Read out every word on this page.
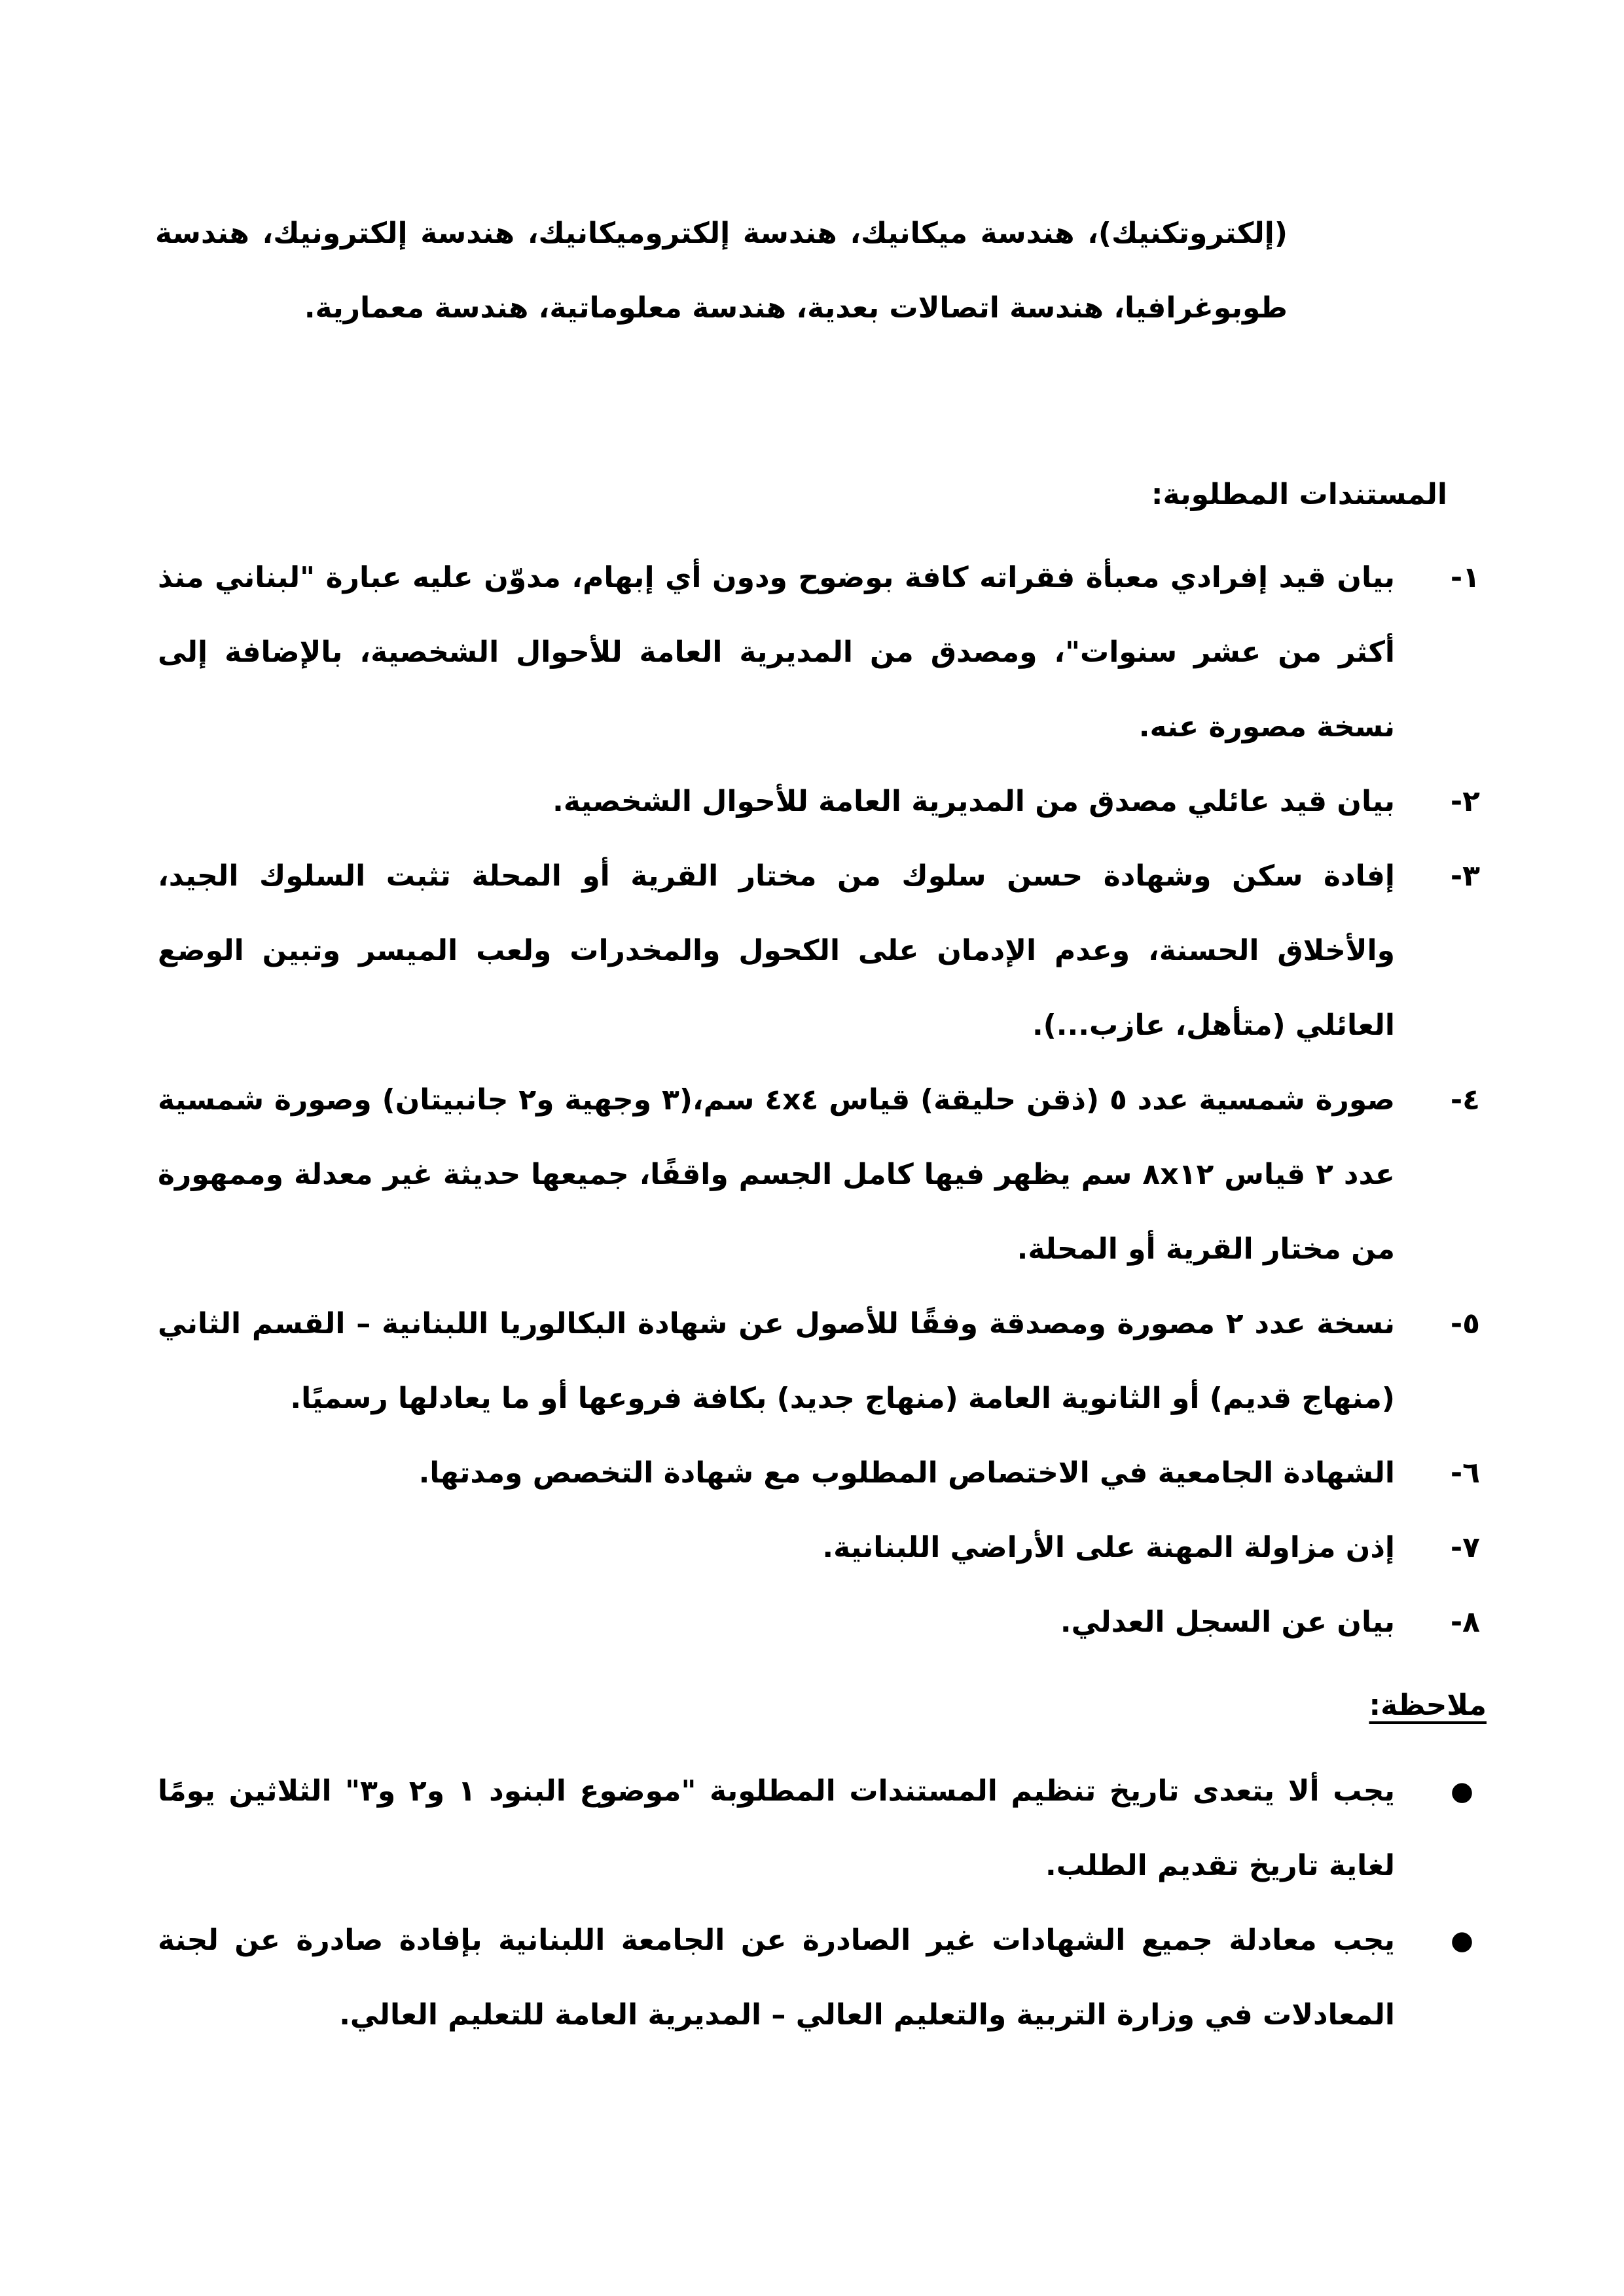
(إلكتروتكنيك)، هندسة ميكانيك، هندسة إلكتروميكانيك، هندسة إلكترونيك، هندسة طوبوغرافيا، هندسة اتصالات بعدية، هندسة معلوماتية، هندسة معمارية.

المستندات المطلوبة:

١-
بيان قيد إفرادي معبأة فقراته كافة بوضوح ودون أي إبهام، مدوّن عليه عبارة "لبناني منذ أكثر من عشر سنوات"، ومصدق من المديرية العامة للأحوال الشخصية، بالإضافة إلى نسخة مصورة عنه.
٢-
بيان قيد عائلي مصدق من المديرية العامة للأحوال الشخصية.
٣-
إفادة سكن وشهادة حسن سلوك من مختار القرية أو المحلة تثبت السلوك الجيد، والأخلاق الحسنة، وعدم الإدمان على الكحول والمخدرات ولعب الميسر وتبين الوضع العائلي (متأهل، عازب...).
٤-
صورة شمسية عدد ٥ (ذقن حليقة) قياس ٤x٤ سم،(٣ وجهية و٢ جانبيتان) وصورة شمسية عدد ٢ قياس ٨x١٢ سم يظهر فيها كامل الجسم واقفًا، جميعها حديثة غير معدلة وممهورة من مختار القرية أو المحلة.
٥-
نسخة عدد ٢ مصورة ومصدقة وفقًا للأصول عن شهادة البكالوريا اللبنانية – القسم الثاني (منهاج قديم) أو الثانوية العامة (منهاج جديد) بكافة فروعها أو ما يعادلها رسميًا.
٦-
الشهادة الجامعية في الاختصاص المطلوب مع شهادة التخصص ومدتها.
٧-
إذن مزاولة المهنة على الأراضي اللبنانية.
٨-
بيان عن السجل العدلي.

ملاحظة:

●
يجب ألا يتعدى تاريخ تنظيم المستندات المطلوبة "موضوع البنود ١ و٢ و٣" الثلاثين يومًا لغاية تاريخ تقديم الطلب.
●
يجب معادلة جميع الشهادات غير الصادرة عن الجامعة اللبنانية بإفادة صادرة عن لجنة المعادلات في وزارة التربية والتعليم العالي – المديرية العامة للتعليم العالي.
